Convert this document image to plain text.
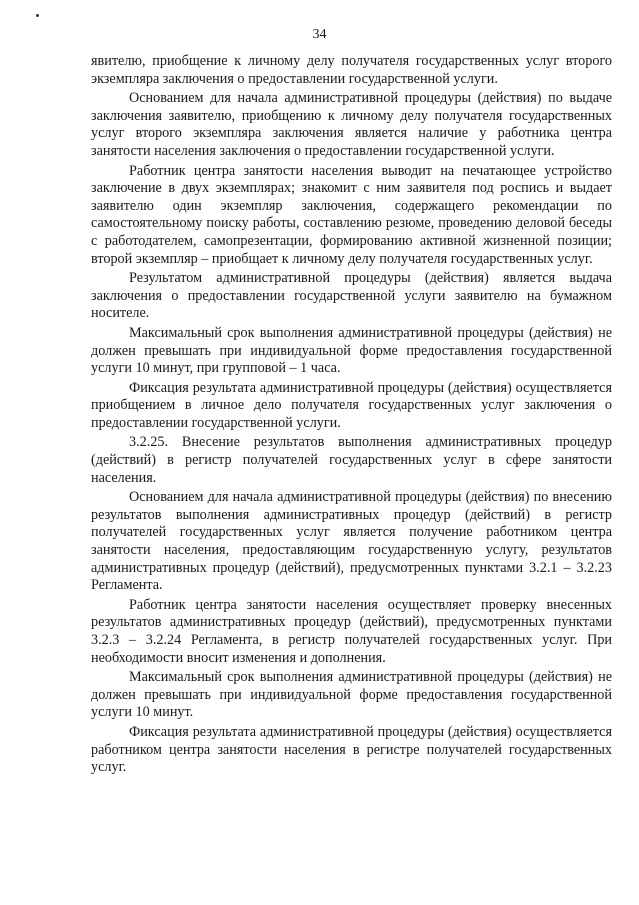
34

явителю, приобщение к личному делу получателя государственных услуг второго экземпляра заключения о предоставлении государственной услуги.

Основанием для начала административной процедуры (действия) по выдаче заключения заявителю, приобщению к личному делу получателя государственных услуг второго экземпляра заключения является наличие у работника центра занятости населения заключения о предоставлении государственной услуги.

Работник центра занятости населения выводит на печатающее устройство заключение в двух экземплярах; знакомит с ним заявителя под роспись и выдает заявителю один экземпляр заключения, содержащего рекомендации по самостоятельному поиску работы, составлению резюме, проведению деловой беседы с работодателем, самопрезентации, формированию активной жизненной позиции; второй экземпляр – приобщает к личному делу получателя государственных услуг.

Результатом административной процедуры (действия) является выдача заключения о предоставлении государственной услуги заявителю на бумажном носителе.

Максимальный срок выполнения административной процедуры (действия) не должен превышать при индивидуальной форме предоставления государственной услуги 10 минут, при групповой – 1 часа.

Фиксация результата административной процедуры (действия) осуществляется приобщением в личное дело получателя государственных услуг заключения о предоставлении государственной услуги.

3.2.25. Внесение результатов выполнения административных процедур (действий) в регистр получателей государственных услуг в сфере занятости населения.

Основанием для начала административной процедуры (действия) по внесению результатов выполнения административных процедур (действий) в регистр получателей государственных услуг является получение работником центра занятости населения, предоставляющим государственную услугу, результатов административных процедур (действий), предусмотренных пунктами 3.2.1 – 3.2.23 Регламента.

Работник центра занятости населения осуществляет проверку внесенных результатов административных процедур (действий), предусмотренных пунктами 3.2.3 – 3.2.24 Регламента, в регистр получателей государственных услуг. При необходимости вносит изменения и дополнения.

Максимальный срок выполнения административной процедуры (действия) не должен превышать при индивидуальной форме предоставления государственной услуги 10 минут.

Фиксация результата административной процедуры (действия) осуществляется работником центра занятости населения в регистре получателей государственных услуг.
